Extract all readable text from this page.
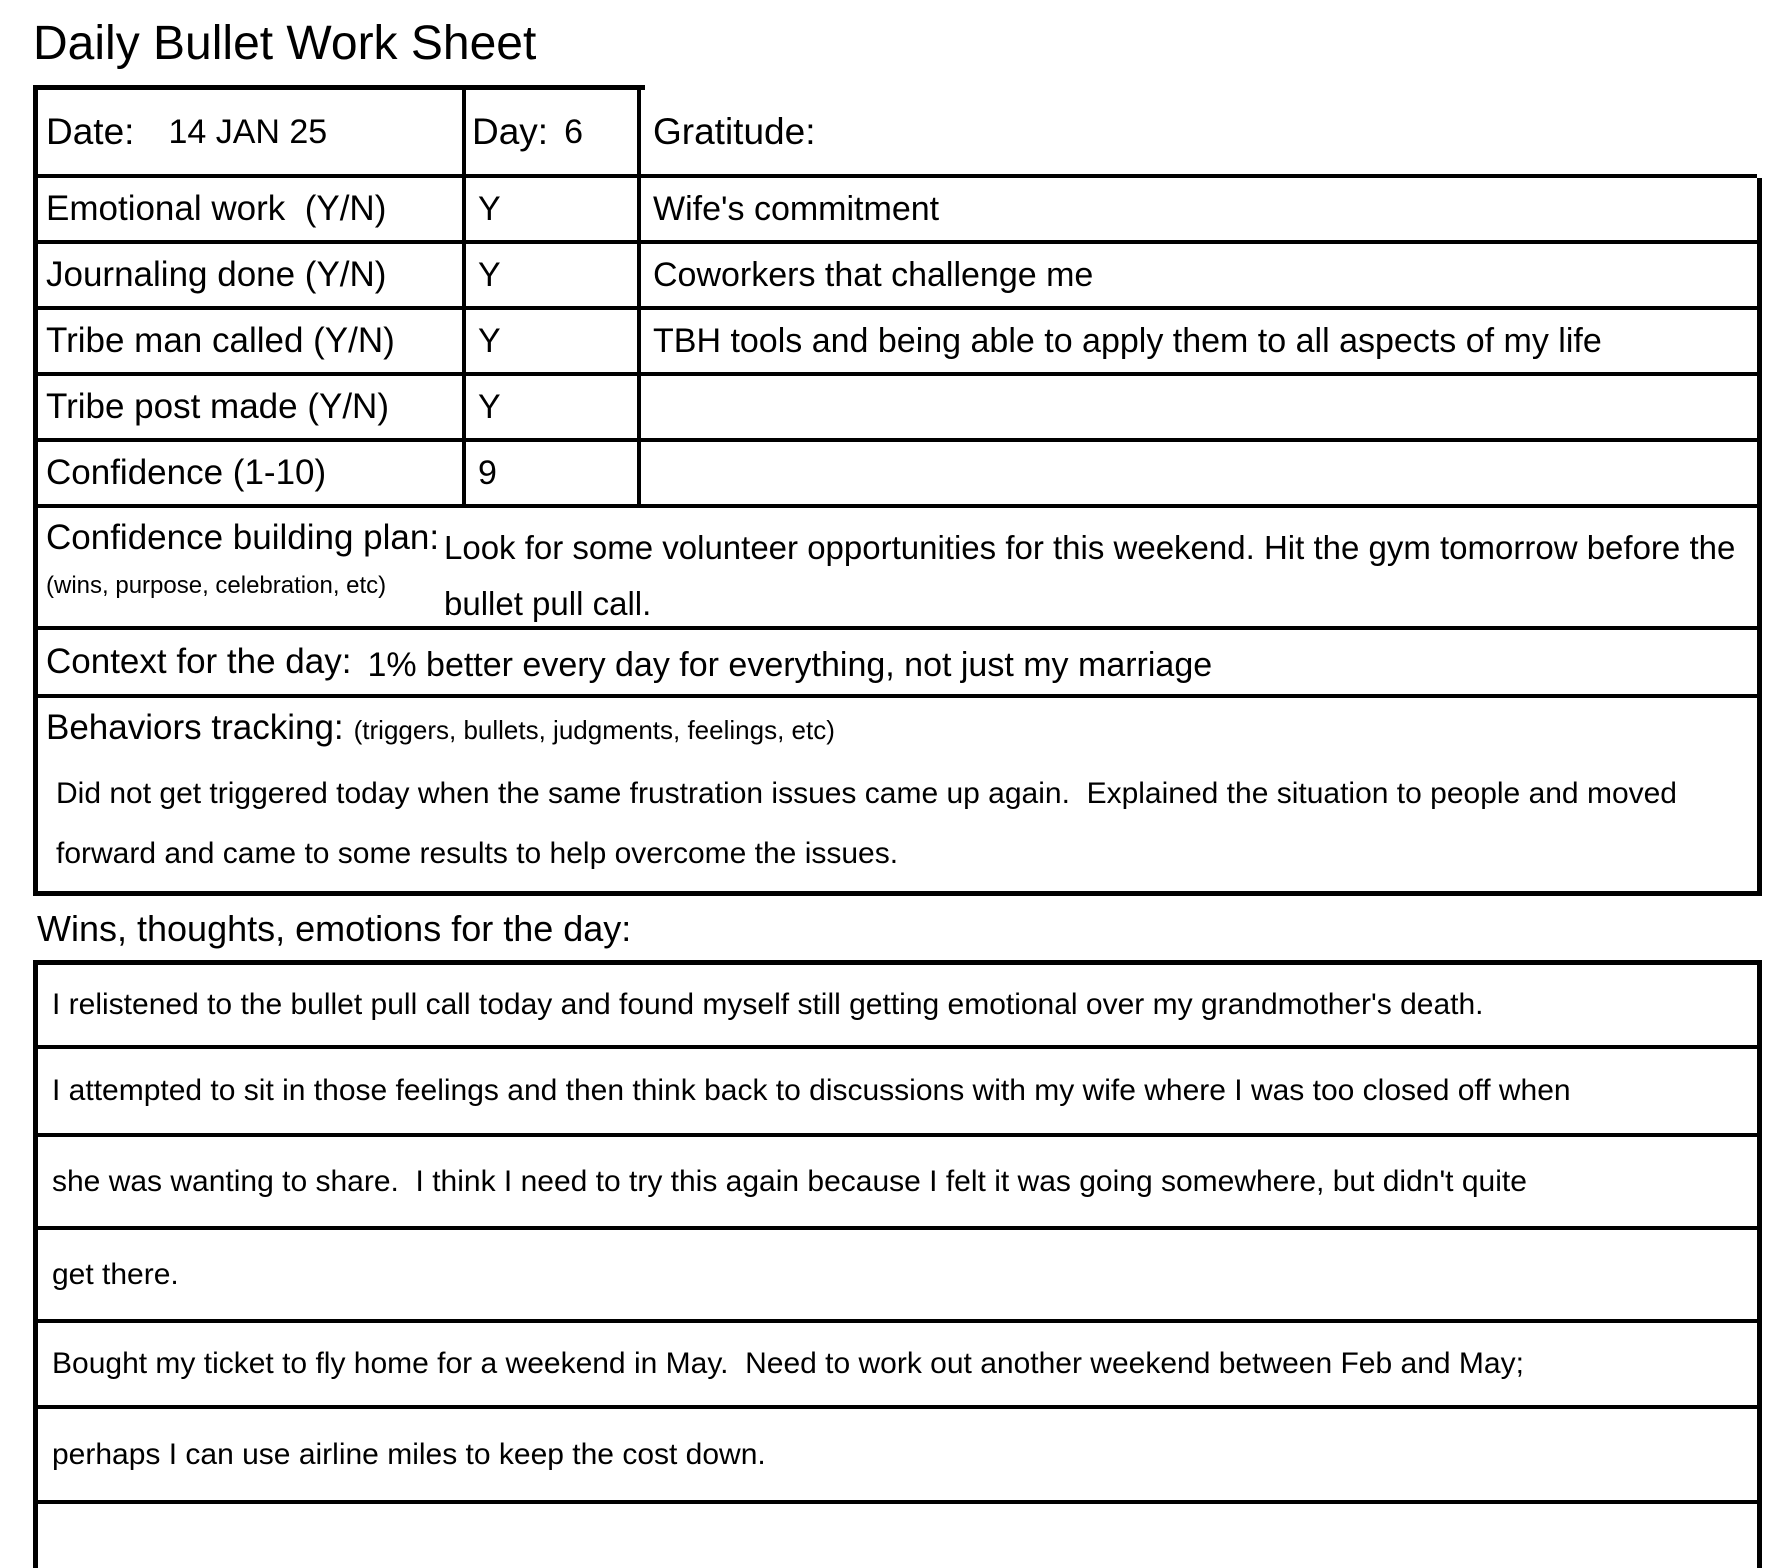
Daily Bullet Work Sheet
Date: 14 JAN 25	Day: 6 Gratitude:
Emotional work  (Y/N)	Y	Wife's commitment
Journaling done (Y/N)	Y	Coworkers that challenge me
Tribe man called (Y/N)	Y	TBH tools and being able to apply them to all aspects of my life
Tribe post made (Y/N)	Y
Confidence (1-10)	9
Confidence building plan:
(wins, purpose, celebration, etc)
Look for some volunteer opportunities for this weekend. Hit the gym tomorrow before the bullet pull call.
Context for the day: 1% better every day for everything, not just my marriage
Behaviors tracking: (triggers, bullets, judgments, feelings, etc)
Did not get triggered today when the same frustration issues came up again.  Explained the situation to people and moved forward and came to some results to help overcome the issues.
Wins, thoughts, emotions for the day:
I relistened to the bullet pull call today and found myself still getting emotional over my grandmother's death.
I attempted to sit in those feelings and then think back to discussions with my wife where I was too closed off when
she was wanting to share.  I think I need to try this again because I felt it was going somewhere, but didn't quite
get there.
Bought my ticket to fly home for a weekend in May.  Need to work out another weekend between Feb and May;
perhaps I can use airline miles to keep the cost down.
